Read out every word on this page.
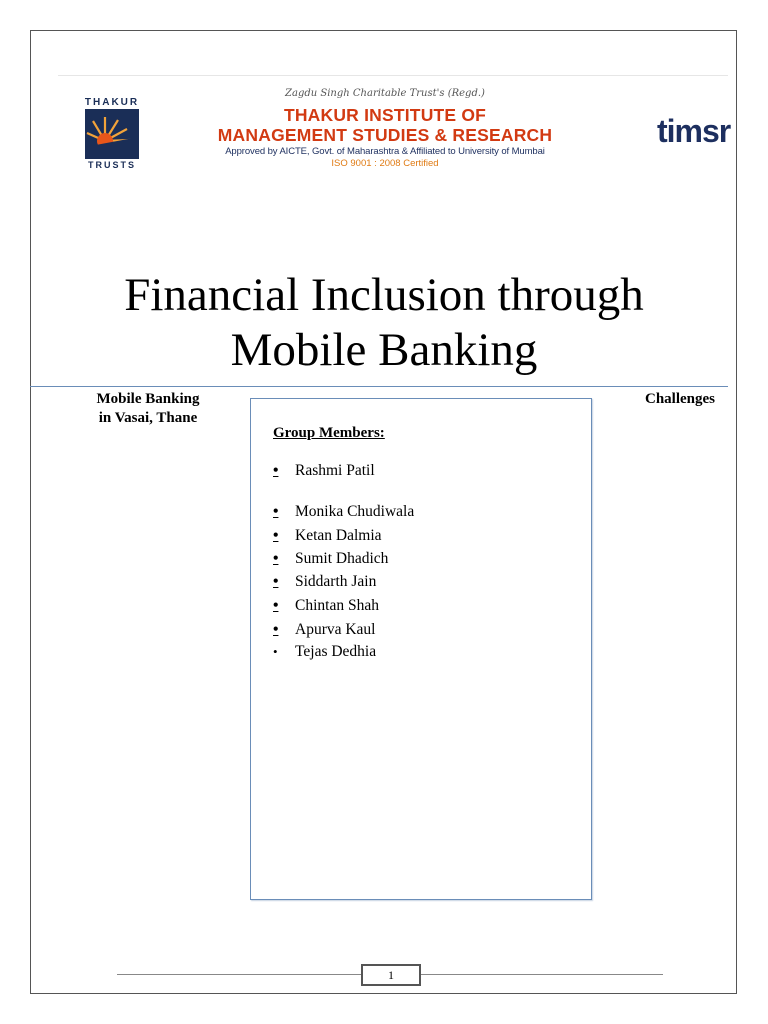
THAKUR
®
TRUSTS
Zagdu Singh Charitable Trust's (Regd.)
THAKUR INSTITUTE OF
MANAGEMENT STUDIES & RESEARCH
Approved by AICTE, Govt. of Maharashtra & Affiliated to University of Mumbai
ISO 9001 : 2008 Certified
timsr
Financial Inclusion through
Mobile Banking
Mobile Banking
in Vasai, Thane
Challenges
Group Members:
• Rashmi Patil
• Monika Chudiwala
• Ketan Dalmia
• Sumit Dhadich
• Siddarth Jain
• Chintan Shah
• Apurva Kaul
• Tejas Dedhia
1
